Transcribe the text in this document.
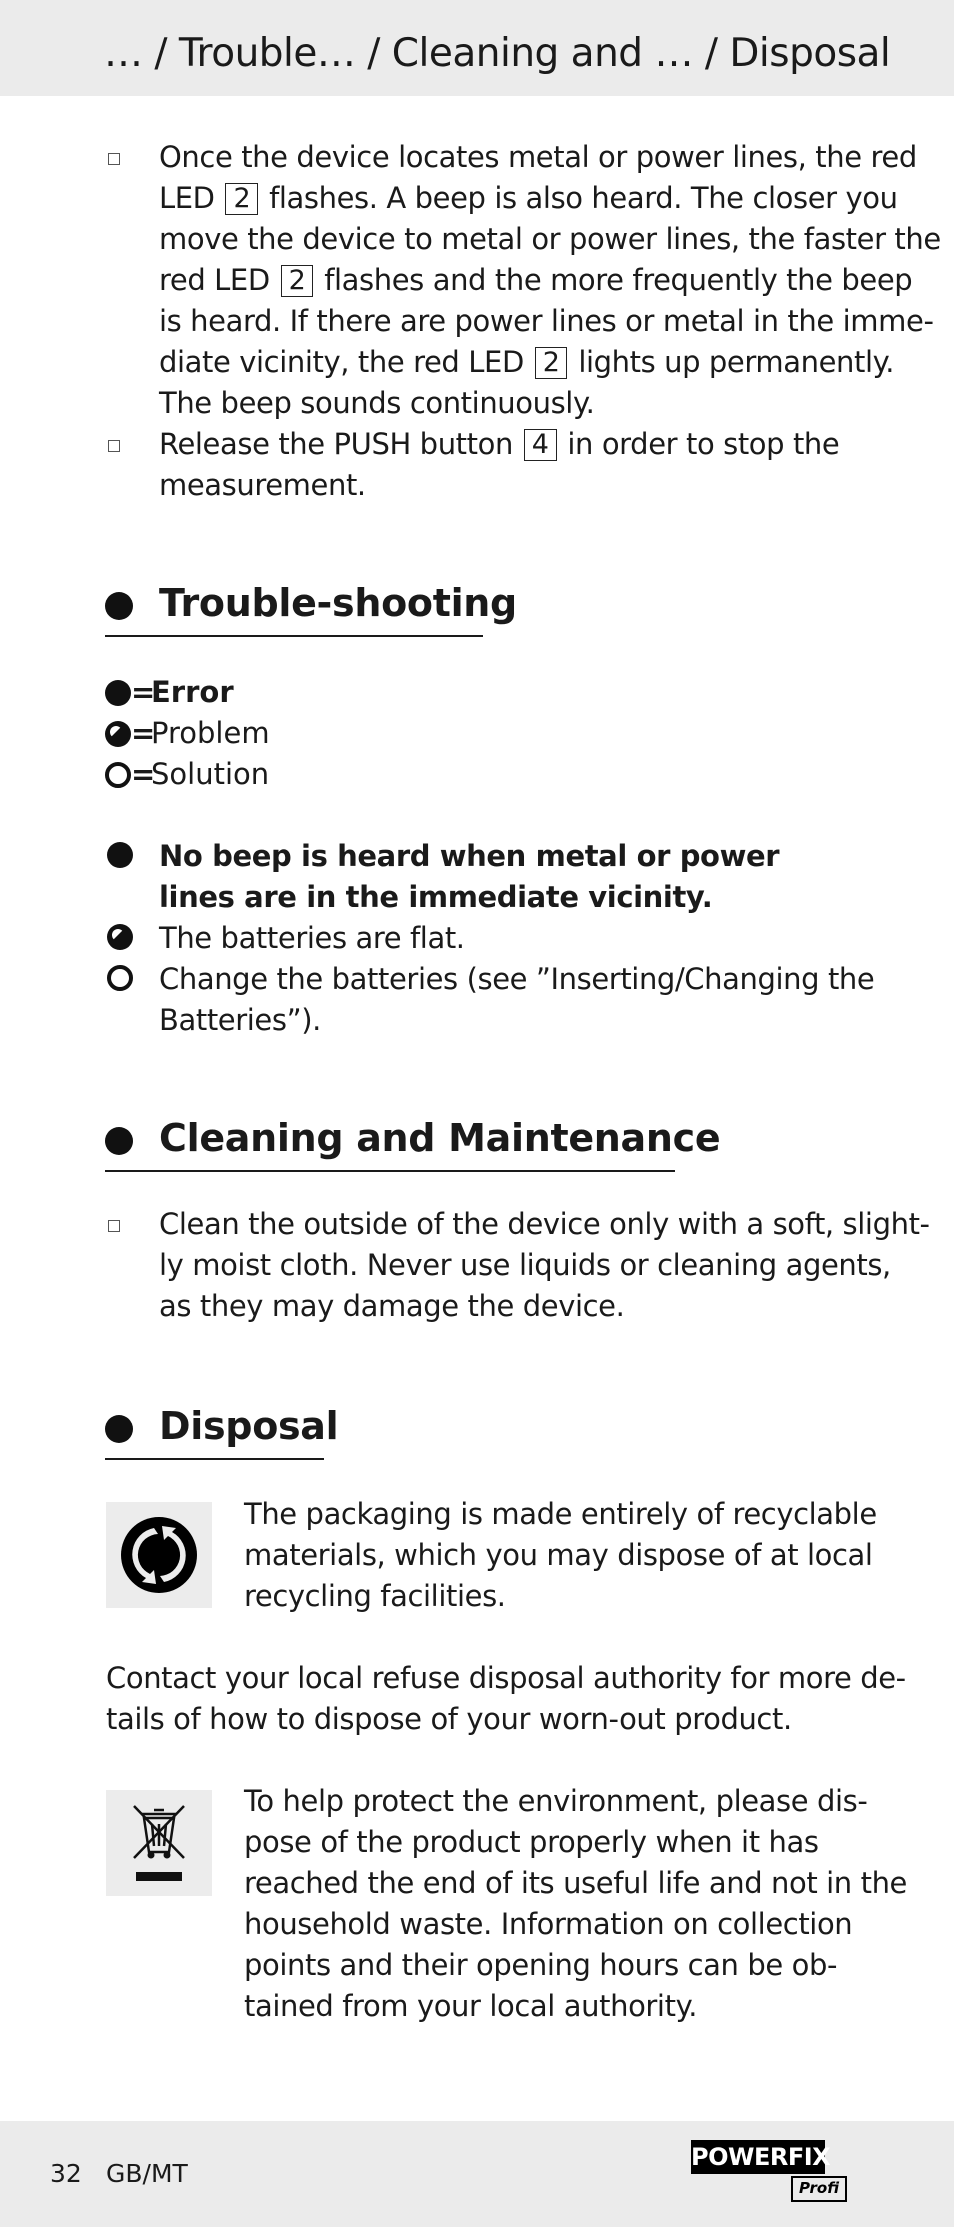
… / Trouble… / Cleaning and … / Disposal
Once the device locates metal or power lines, the red
LED 2 flashes. A beep is also heard. The closer you
move the device to metal or power lines, the faster the
red LED 2 flashes and the more frequently the beep
is heard. If there are power lines or metal in the imme-
diate vicinity, the red LED 2 lights up permanently.
The beep sounds continuously.
Release the PUSH button 4 in order to stop the
measurement.
Trouble-shooting
=Error
=Problem
=Solution
No beep is heard when metal or power
lines are in the immediate vicinity.
The batteries are flat.
Change the batteries (see ”Inserting/Changing the
Batteries”).
Cleaning and Maintenance
Clean the outside of the device only with a soft, slight-
ly moist cloth. Never use liquids or cleaning agents,
as they may damage the device.
Disposal
The packaging is made entirely of recyclable
materials, which you may dispose of at local
recycling facilities.
Contact your local refuse disposal authority for more de-
tails of how to dispose of your worn-out product.
To help protect the environment, please dis-
pose of the product properly when it has
reached the end of its useful life and not in the
household waste. Information on collection
points and their opening hours can be ob-
tained from your local authority.
32 GB/MT
POWERFIX
Profi
